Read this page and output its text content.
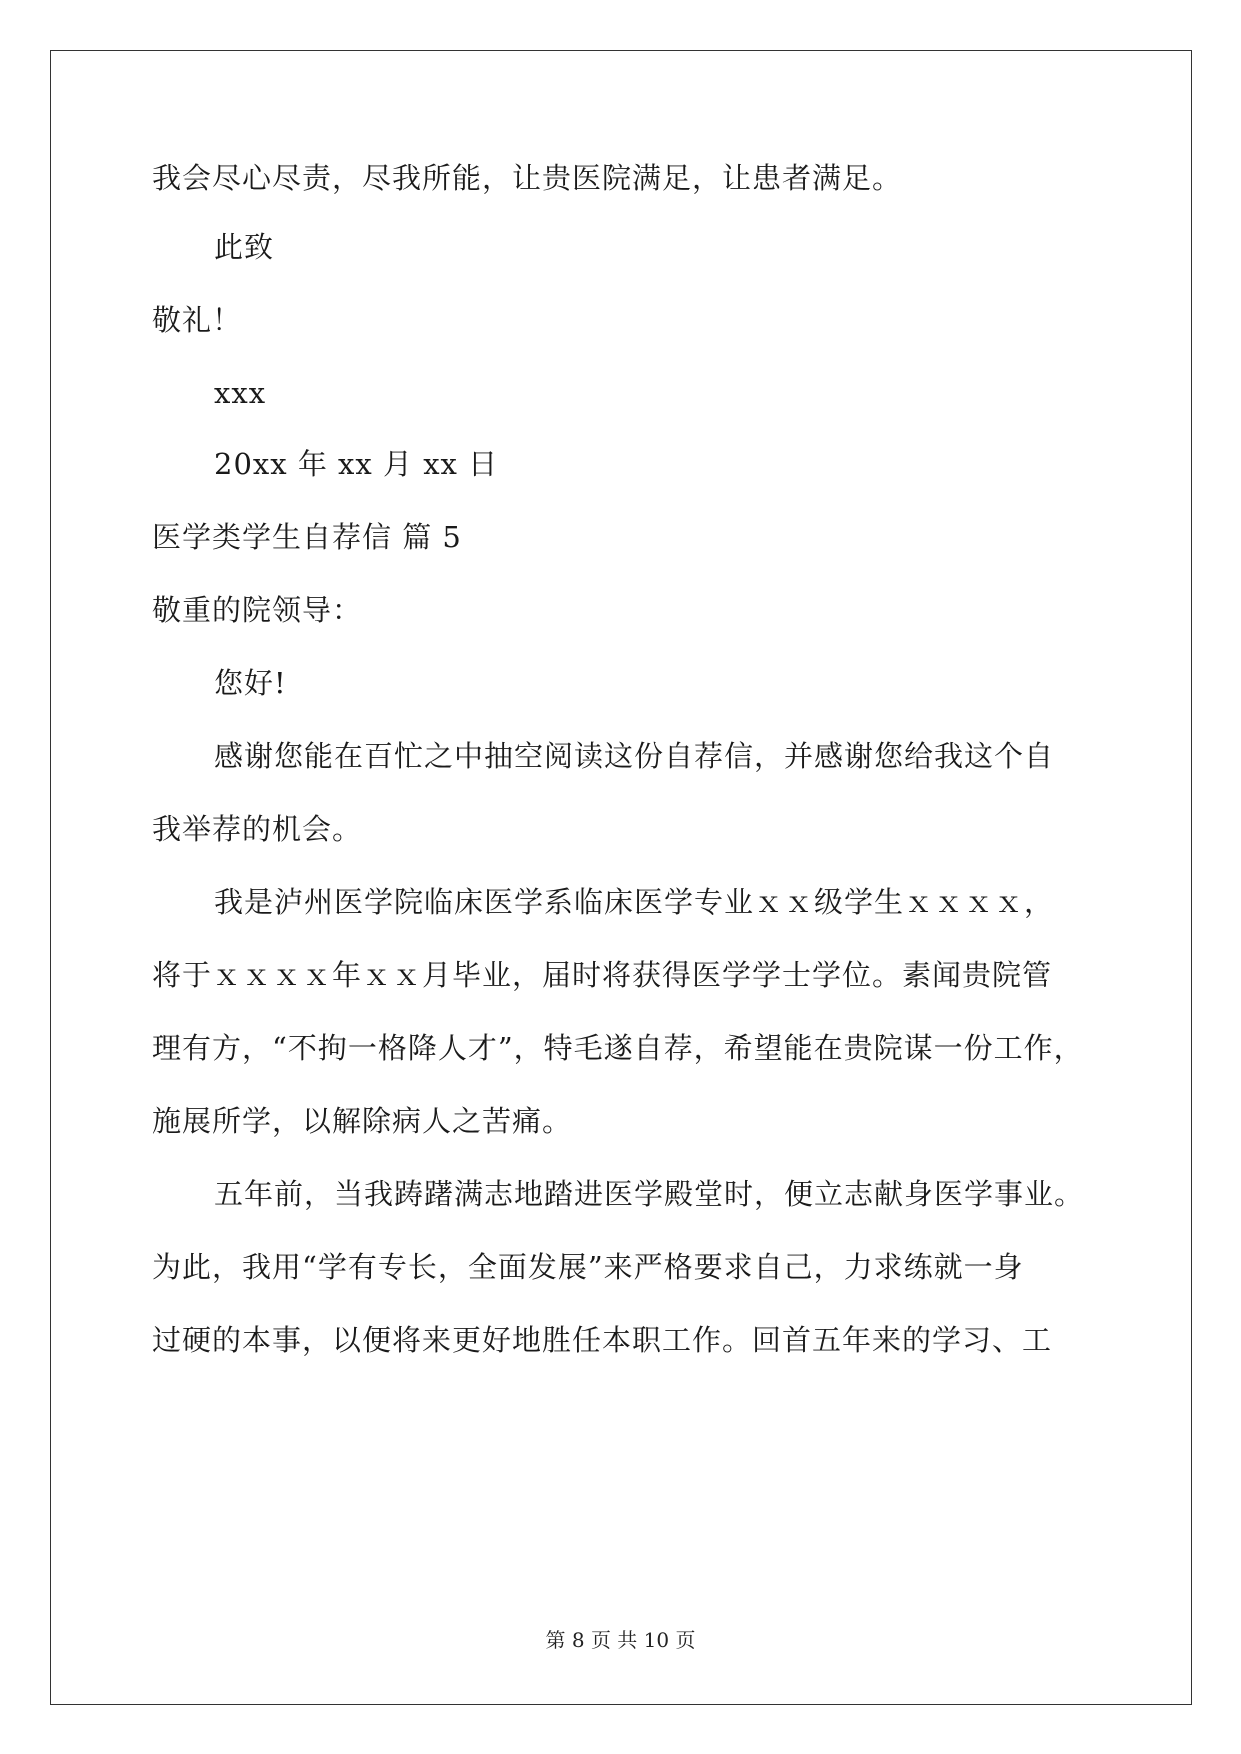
我会尽心尽责，尽我所能，让贵医院满足，让患者满足。
此致
敬礼！
xxx
20xx 年 xx 月 xx 日
医学类学生自荐信 篇 5
敬重的院领导：
您好!
感谢您能在百忙之中抽空阅读这份自荐信，并感谢您给我这个自
我举荐的机会。
我是泸州医学院临床医学系临床医学专业ｘｘ级学生ｘｘｘｘ，
将于ｘｘｘｘ年ｘｘ月毕业，届时将获得医学学士学位。素闻贵院管
理有方，“不拘一格降人才”，特毛遂自荐，希望能在贵院谋一份工作，
施展所学，以解除病人之苦痛。
五年前，当我踌躇满志地踏进医学殿堂时，便立志献身医学事业。
为此，我用“学有专长，全面发展”来严格要求自己，力求练就一身
过硬的本事，以便将来更好地胜任本职工作。回首五年来的学习、工
第 8 页 共 10 页
